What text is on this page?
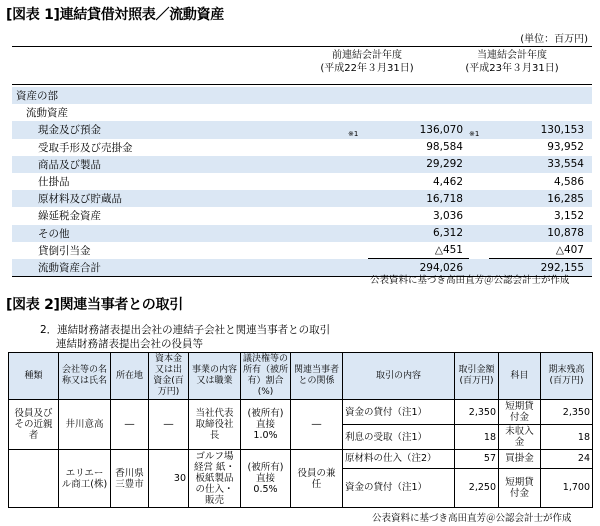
[図表 1]連結貸借対照表／流動資産
(単位：百万円)
前連結会計年度
(平成22年３月31日)
当連結会計年度
(平成23年３月31日)
資産の部					
流動資産					
現金及び預金		※1	136,070	※1	130,153
受取手形及び売掛金			98,584		93,952
商品及び製品			29,292		33,554
仕掛品			4,462		4,586
原材料及び貯蔵品			16,718		16,285
繰延税金資産			3,036		3,152
その他			6,312		10,878
貸倒引当金			△451		△407
流動資産合計			294,026		292,155
公表資料に基づき高田直芳＠公認会計士が作成
[図表 2]関連当事者との取引
2．連結財務諸表提出会社の連結子会社と関連当事者との取引
連結財務諸表提出会社の役員等
種類	会社等の名称又は氏名	所在地	資本金又は出資金(百万円)	事業の内容又は職業	議決権等の所有（被所有）割合(%)	関連当事者との関係	取引の内容	取引金額(百万円)	科目	期末残高(百万円)
役員及びその近親者	井川意高	―	―	当社代表取締役社長	(被所有)直接 1.0%	―	資金の貸付（注1）	2,350	短期貸付金	2,350
							利息の受取（注1）	18	未収入金	18
	エリエール商工(株)	香川県三豊市	30	ゴルフ場経営 紙・板紙製品の仕入・販売	(被所有)直接 0.5%	役員の兼任	原材料の仕入（注2）	57	買掛金	24
							資金の貸付（注1）	2,250	短期貸付金	1,700
公表資料に基づき高田直芳＠公認会計士が作成
